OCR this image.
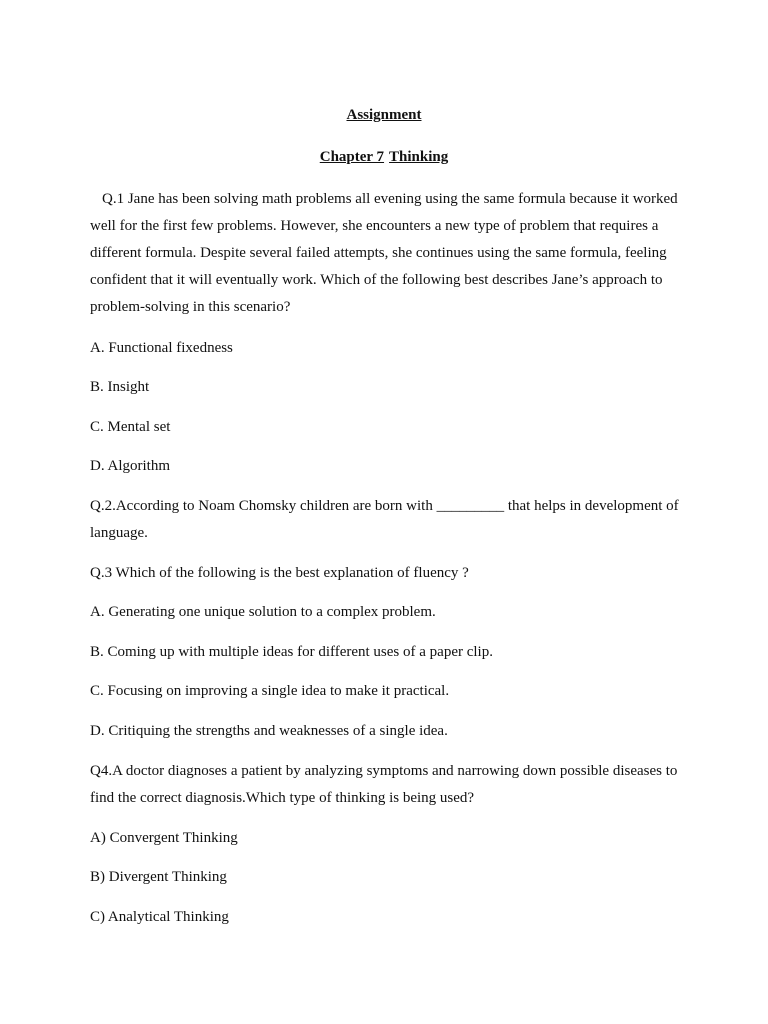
Assignment

Chapter 7 Thinking

Q.1 Jane has been solving math problems all evening using the same formula because it worked well for the first few problems. However, she encounters a new type of problem that requires a different formula. Despite several failed attempts, she continues using the same formula, feeling confident that it will eventually work. Which of the following best describes Jane’s approach to problem-solving in this scenario?

A. Functional fixedness

B. Insight

C. Mental set

D. Algorithm

Q.2.According to Noam Chomsky children are born with _________ that helps in development of language.

Q.3 Which of the following is the best explanation of fluency ?

A. Generating one unique solution to a complex problem.

B. Coming up with multiple ideas for different uses of a paper clip.

C. Focusing on improving a single idea to make it practical.

D. Critiquing the strengths and weaknesses of a single idea.

Q4.A doctor diagnoses a patient by analyzing symptoms and narrowing down possible diseases to find the correct diagnosis.Which type of thinking is being used?

A) Convergent Thinking

B) Divergent Thinking

C) Analytical Thinking
